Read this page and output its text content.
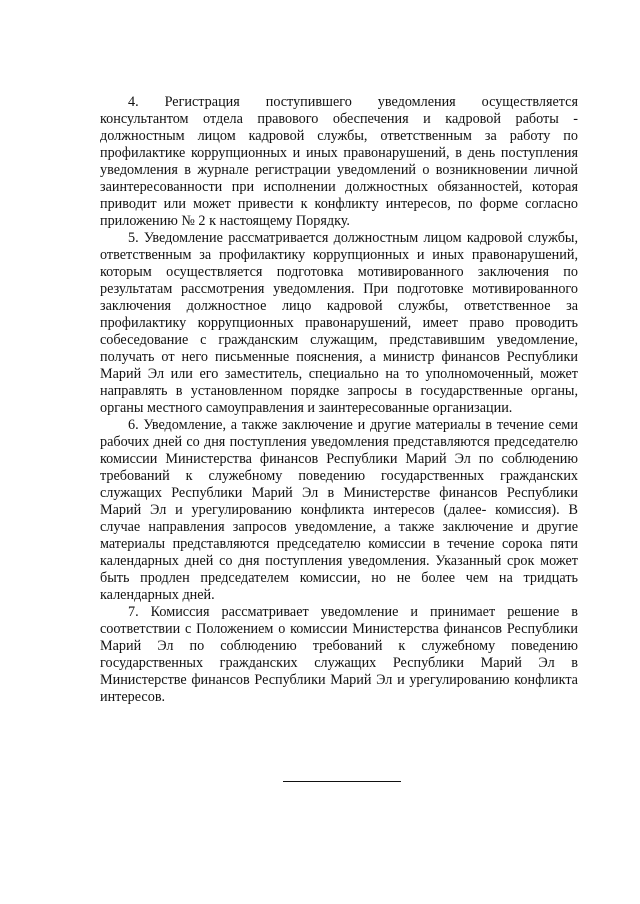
4. Регистрация поступившего уведомления осуществляется консультантом отдела правового обеспечения и кадровой работы - должностным лицом кадровой службы, ответственным за работу по профилактике коррупционных и иных правонарушений, в день поступления уведомления в журнале регистрации уведомлений о возникновении личной заинтересованности при исполнении должностных обязанностей, которая приводит или может привести к конфликту интересов, по форме согласно приложению № 2 к настоящему Порядку.

5. Уведомление рассматривается должностным лицом кадровой службы, ответственным за профилактику коррупционных и иных правонарушений, которым осуществляется подготовка мотивированного заключения по результатам рассмотрения уведомления. При подготовке мотивированного заключения должностное лицо кадровой службы, ответственное за профилактику коррупционных правонарушений, имеет право проводить собеседование с гражданским служащим, представившим уведомление, получать от него письменные пояснения, а министр финансов Республики Марий Эл или его заместитель, специально на то уполномоченный, может направлять в установленном порядке запросы в государственные органы, органы местного самоуправления и заинтересованные организации.

6. Уведомление, а также заключение и другие материалы в течение семи рабочих дней со дня поступления уведомления представляются председателю комиссии Министерства финансов Республики Марий Эл по соблюдению требований к служебному поведению государственных гражданских служащих Республики Марий Эл в Министерстве финансов Республики Марий Эл и урегулированию конфликта интересов (далее- комиссия). В случае направления запросов уведомление, а также заключение и другие материалы представляются председателю комиссии в течение сорока пяти календарных дней со дня поступления уведомления. Указанный срок может быть продлен председателем комиссии, но не более чем на тридцать календарных дней.

7. Комиссия рассматривает уведомление и принимает решение в соответствии с Положением о комиссии Министерства финансов Республики Марий Эл по соблюдению требований к служебному поведению государственных гражданских служащих Республики Марий Эл в Министерстве финансов Республики Марий Эл и урегулированию конфликта интересов.
